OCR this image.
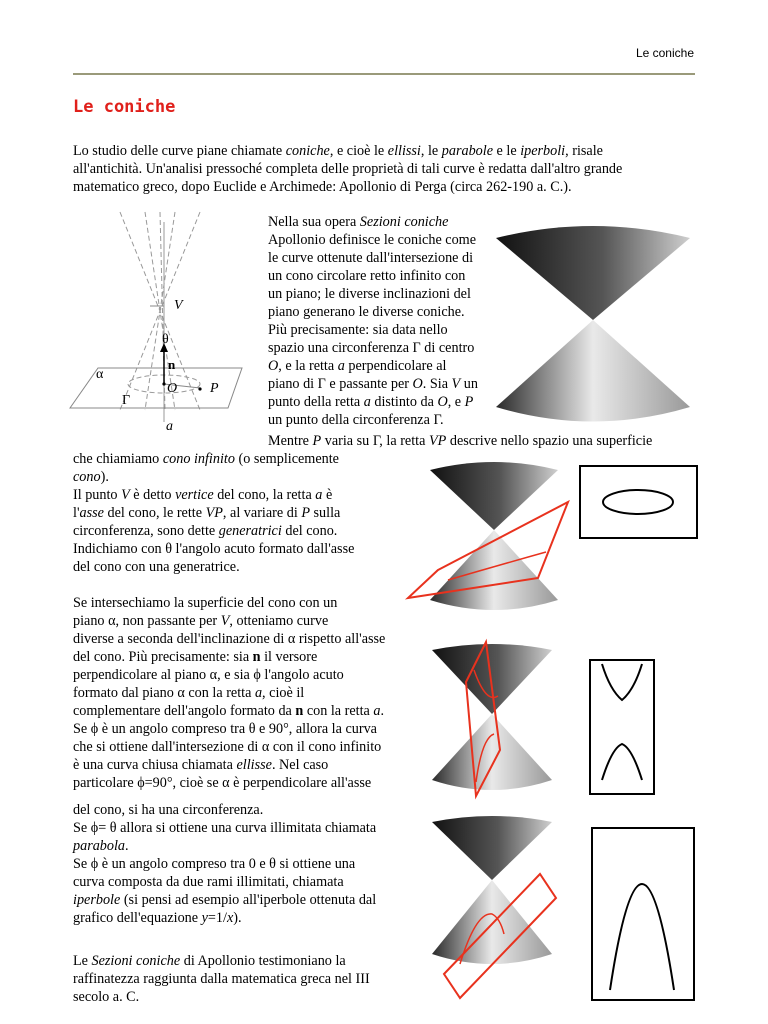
Le coniche
Le coniche
Lo studio delle curve piane chiamate coniche, e cioè le ellissi, le parabole e le iperboli, risale
all'antichità. Un'analisi pressoché completa delle proprietà di tali curve è redatta dall'altro grande
matematico greco, dopo Euclide e Archimede: Apollonio di Perga (circa 262-190 a. C.).
V
θ
n
α
O P
Γ
a
Nella sua opera Sezioni coniche
Apollonio definisce le coniche come
le curve ottenute dall'intersezione di
un cono circolare retto infinito con
un piano; le diverse inclinazioni del
piano generano le diverse coniche.
Più precisamente: sia data nello
spazio una circonferenza Γ di centro
O, e la retta a perpendicolare al
piano di Γ e passante per O. Sia V un
punto della retta a distinto da O, e P
un punto della circonferenza Γ.
Mentre P varia su Γ, la retta VP descrive nello spazio una superficie
che chiamiamo cono infinito (o semplicemente
cono).
Il punto V è detto vertice del cono, la retta a è
l'asse del cono, le rette VP, al variare di P sulla
circonferenza, sono dette generatrici del cono.
Indichiamo con θ l'angolo acuto formato dall'asse
del cono con una generatrice.
Se intersechiamo la superficie del cono con un
piano α, non passante per V, otteniamo curve
diverse a seconda dell'inclinazione di α rispetto all'asse
del cono. Più precisamente: sia n il versore
perpendicolare al piano α, e sia ϕ l'angolo acuto
formato dal piano α con la retta a, cioè il
complementare dell'angolo formato da n con la retta a.
Se ϕ è un angolo compreso tra θ e 90°, allora la curva
che si ottiene dall'intersezione di α con il cono infinito
è una curva chiusa chiamata ellisse. Nel caso
particolare ϕ=90°, cioè se α è perpendicolare all'asse
del cono, si ha una circonferenza.
Se ϕ= θ allora si ottiene una curva illimitata chiamata
parabola.
Se ϕ è un angolo compreso tra 0 e θ si ottiene una
curva composta da due rami illimitati, chiamata
iperbole (si pensi ad esempio all'iperbole ottenuta dal
grafico dell'equazione y=1/x).
Le Sezioni coniche di Apollonio testimoniano la
raffinatezza raggiunta dalla matematica greca nel III
secolo a. C.
